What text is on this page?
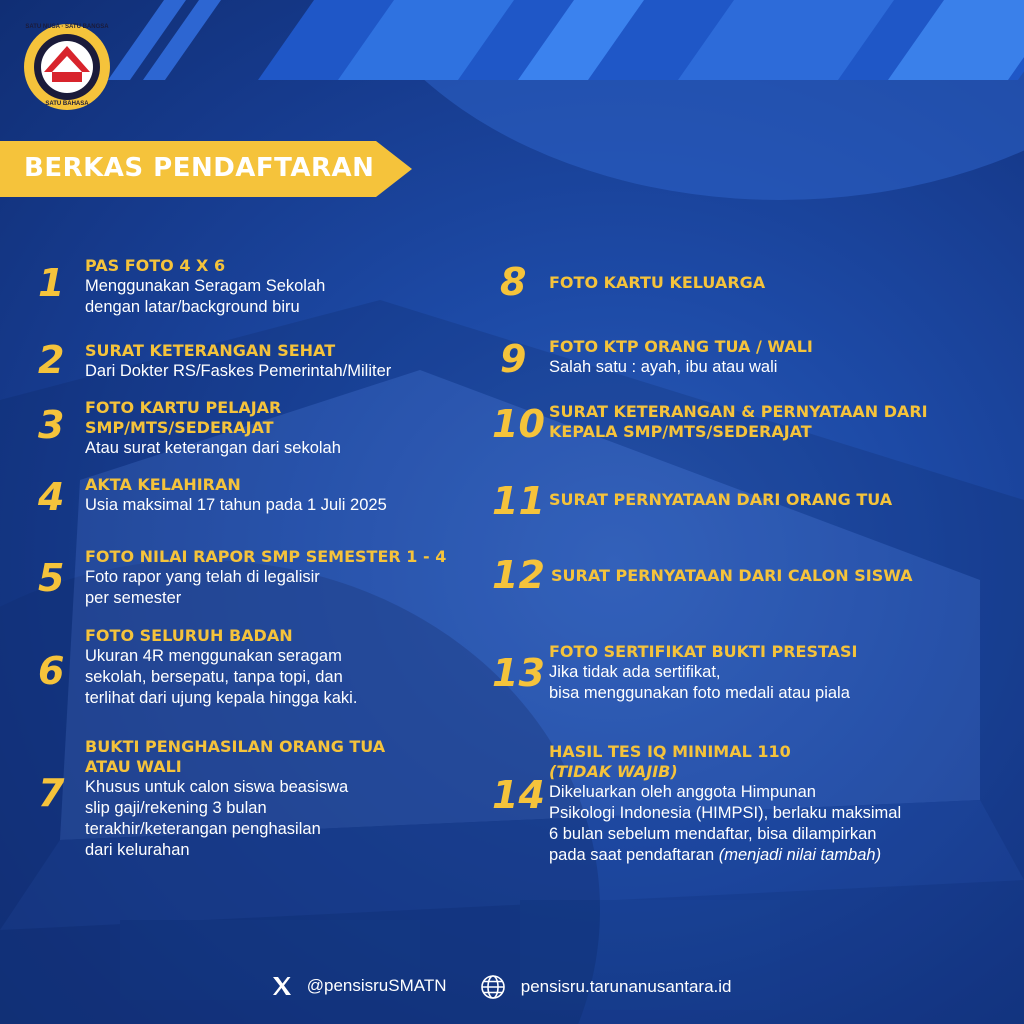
SATU NUSA · SATU BANGSA
SATU BAHASA
BERKAS PENDAFTARAN
1 PAS FOTO 4 X 6
Menggunakan Seragam Sekolah
dengan latar/background biru
2 SURAT KETERANGAN SEHAT
Dari Dokter RS/Faskes Pemerintah/Militer
3 FOTO KARTU PELAJAR
SMP/MTS/SEDERAJAT
Atau surat keterangan dari sekolah
4 AKTA KELAHIRAN
Usia maksimal 17 tahun pada 1 Juli 2025
5 FOTO NILAI RAPOR SMP SEMESTER 1 - 4
Foto rapor yang telah di legalisir
per semester
6
FOTO SELURUH BADAN
Ukuran 4R menggunakan seragam
sekolah, bersepatu, tanpa topi, dan
terlihat dari ujung kepala hingga kaki.
7
BUKTI PENGHASILAN ORANG TUA
ATAU WALI
Khusus untuk calon siswa beasiswa
slip gaji/rekening 3 bulan
terakhir/keterangan penghasilan
dari kelurahan
8 FOTO KARTU KELUARGA
9 FOTO KTP ORANG TUA / WALI
Salah satu : ayah, ibu atau wali
10 SURAT KETERANGAN & PERNYATAAN DARI
KEPALA SMP/MTS/SEDERAJAT
11 SURAT PERNYATAAN DARI ORANG TUA
12 SURAT PERNYATAAN DARI CALON SISWA
13 FOTO SERTIFIKAT BUKTI PRESTASI
Jika tidak ada sertifikat,
bisa menggunakan foto medali atau piala
14
HASIL TES IQ MINIMAL 110
(TIDAK WAJIB)
Dikeluarkan oleh anggota Himpunan
Psikologi Indonesia (HIMPSI), berlaku maksimal
6 bulan sebelum mendaftar, bisa dilampirkan
pada saat pendaftaran (menjadi nilai tambah)
@pensisruSMATN	pensisru.tarunanusantara.id
